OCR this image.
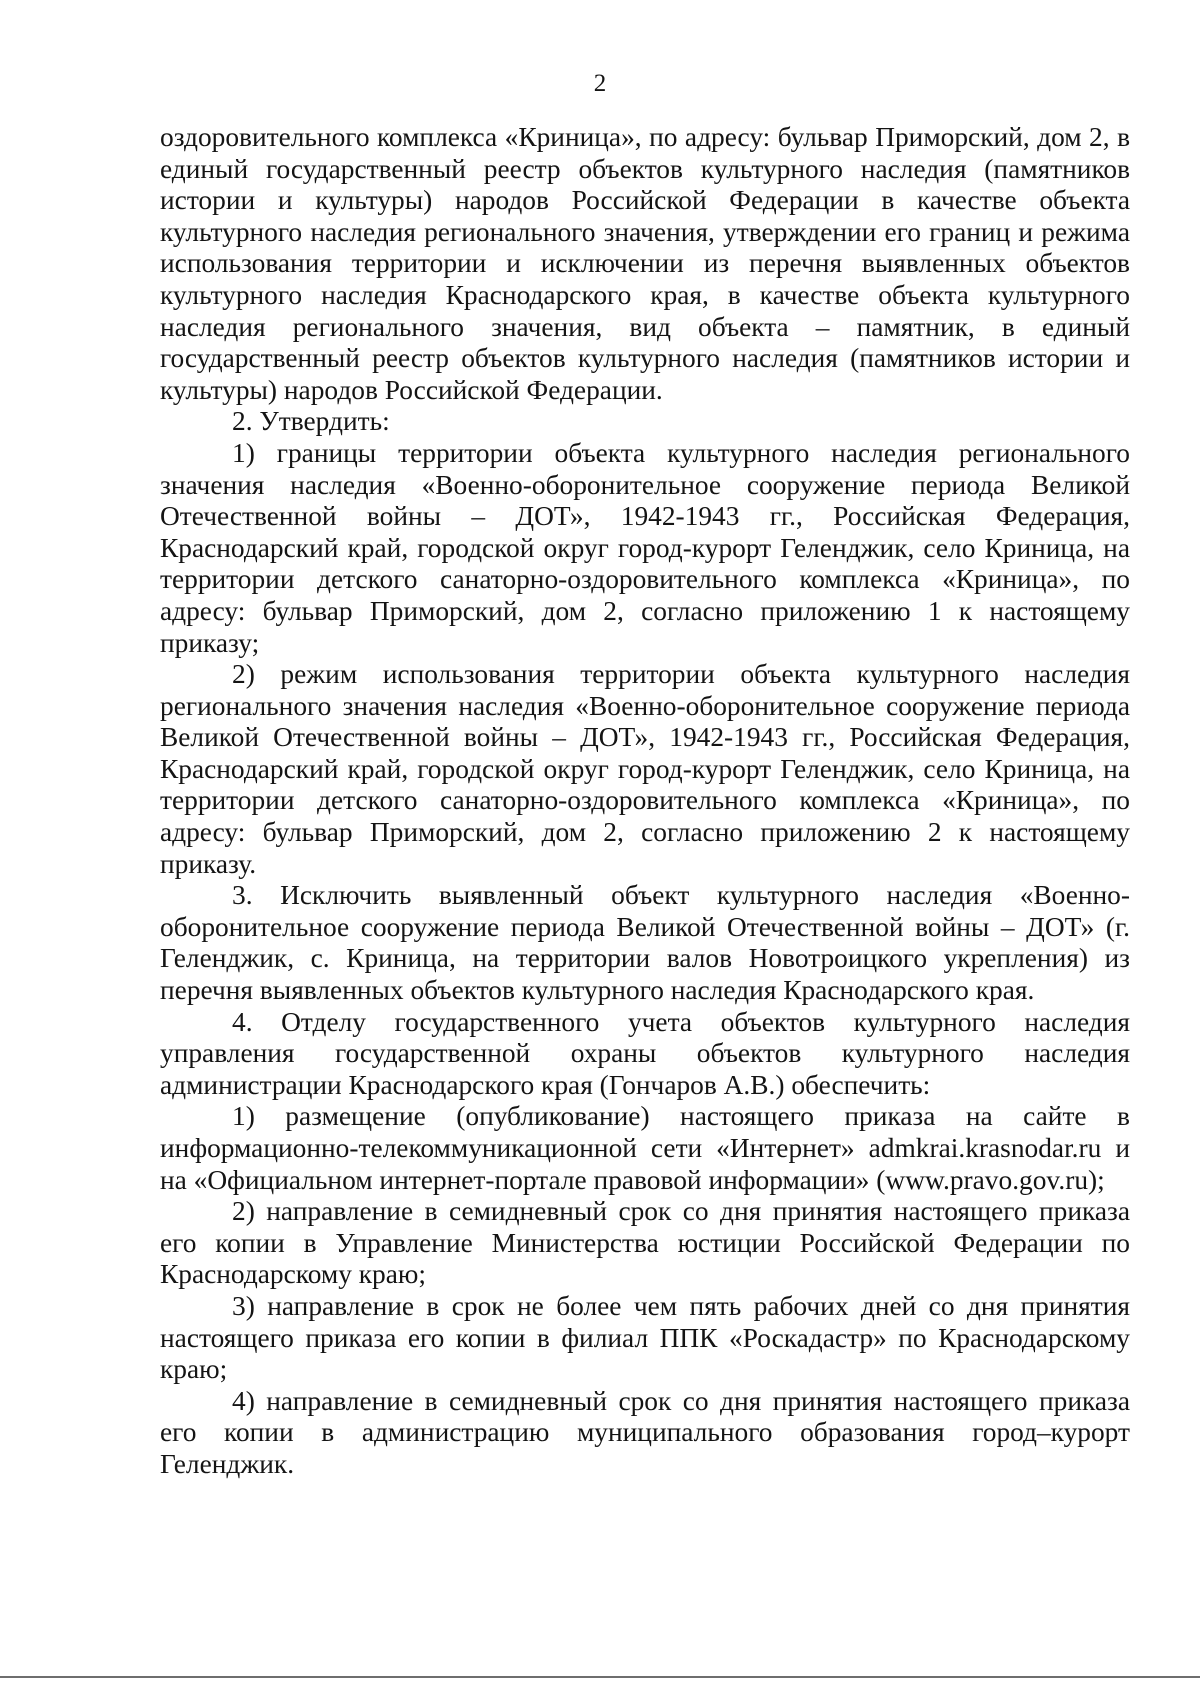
2

оздоровительного комплекса «Криница», по адресу: бульвар Приморский, дом 2, в единый государственный реестр объектов культурного наследия (памятников истории и культуры) народов Российской Федерации в качестве объекта культурного наследия регионального значения, утверждении его границ и режима использования территории и исключении из перечня выявленных объектов культурного наследия Краснодарского края, в качестве объекта культурного наследия регионального значения, вид объекта – памятник, в единый государственный реестр объектов культурного наследия (памятников истории и культуры) народов Российской Федерации.

2. Утвердить:

1) границы территории объекта культурного наследия регионального значения наследия «Военно-оборонительное сооружение периода Великой Отечественной войны – ДОТ», 1942-1943 гг., Российская Федерация, Краснодарский край, городской округ город-курорт Геленджик, село Криница, на территории детского санаторно-оздоровительного комплекса «Криница», по адресу: бульвар Приморский, дом 2, согласно приложению 1 к настоящему приказу;

2) режим использования территории объекта культурного наследия регионального значения наследия «Военно-оборонительное сооружение периода Великой Отечественной войны – ДОТ», 1942-1943 гг., Российская Федерация, Краснодарский край, городской округ город-курорт Геленджик, село Криница, на территории детского санаторно-оздоровительного комплекса «Криница», по адресу: бульвар Приморский, дом 2, согласно приложению 2 к настоящему приказу.

3. Исключить выявленный объект культурного наследия «Военно-оборонительное сооружение периода Великой Отечественной войны – ДОТ» (г. Геленджик, с. Криница, на территории валов Новотроицкого укрепления) из перечня выявленных объектов культурного наследия Краснодарского края.

4. Отделу государственного учета объектов культурного наследия управления государственной охраны объектов культурного наследия администрации Краснодарского края (Гончаров А.В.) обеспечить:

1) размещение (опубликование) настоящего приказа на сайте в информационно-телекоммуникационной сети «Интернет» admkrai.krasnodar.ru и на «Официальном интернет-портале правовой информации» (www.pravo.gov.ru);

2) направление в семидневный срок со дня принятия настоящего приказа его копии в Управление Министерства юстиции Российской Федерации по Краснодарскому краю;

3) направление в срок не более чем пять рабочих дней со дня принятия настоящего приказа его копии в филиал ППК «Роскадастр» по Краснодарскому краю;

4) направление в семидневный срок со дня принятия настоящего приказа его копии в администрацию муниципального образования город–курорт Геленджик.
